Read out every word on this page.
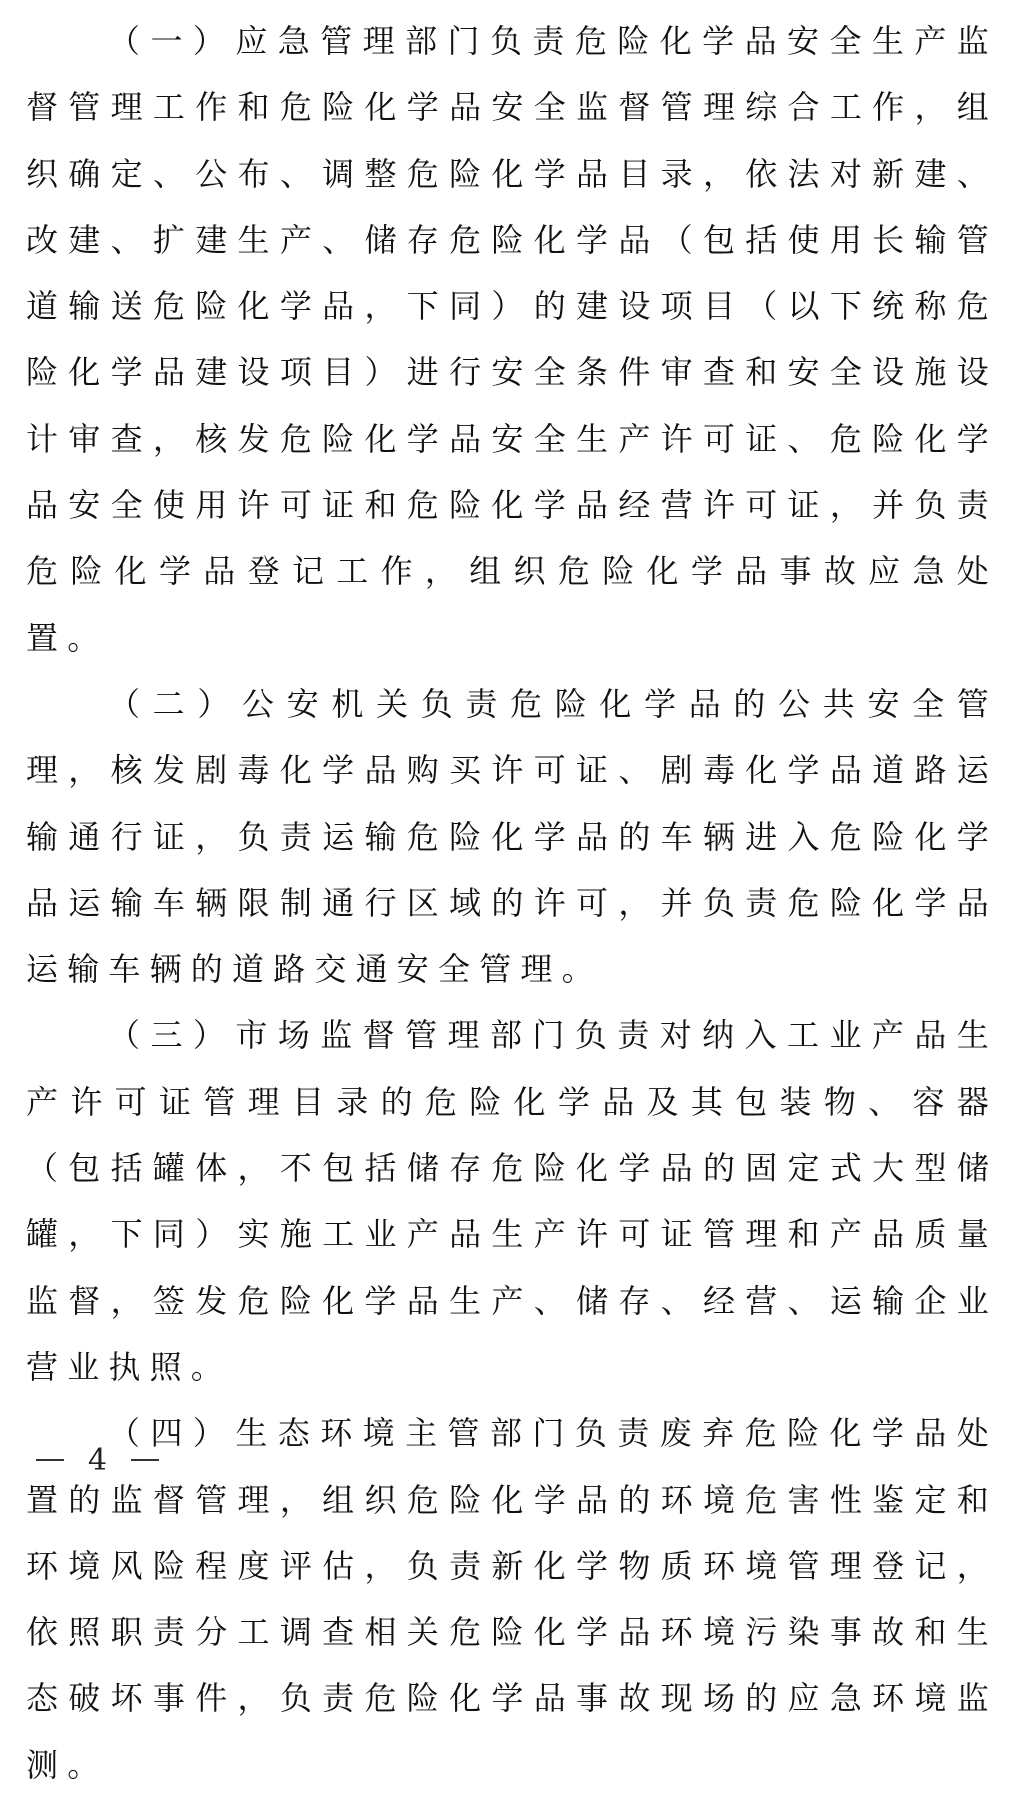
（一）应急管理部门负责危险化学品安全生产监督管理工作和危险化学品安全监督管理综合工作，组织确定、公布、调整危险化学品目录，依法对新建、改建、扩建生产、储存危险化学品（包括使用长输管道输送危险化学品，下同）的建设项目（以下统称危险化学品建设项目）进行安全条件审查和安全设施设计审查，核发危险化学品安全生产许可证、危险化学品安全使用许可证和危险化学品经营许可证，并负责危险化学品登记工作，组织危险化学品事故应急处置。

（二）公安机关负责危险化学品的公共安全管理，核发剧毒化学品购买许可证、剧毒化学品道路运输通行证，负责运输危险化学品的车辆进入危险化学品运输车辆限制通行区域的许可，并负责危险化学品运输车辆的道路交通安全管理。

（三）市场监督管理部门负责对纳入工业产品生产许可证管理目录的危险化学品及其包装物、容器（包括罐体，不包括储存危险化学品的固定式大型储罐，下同）实施工业产品生产许可证管理和产品质量监督，签发危险化学品生产、储存、经营、运输企业营业执照。

（四）生态环境主管部门负责废弃危险化学品处置的监督管理，组织危险化学品的环境危害性鉴定和环境风险程度评估，负责新化学物质环境管理登记，依照职责分工调查相关危险化学品环境污染事故和生态破坏事件，负责危险化学品事故现场的应急环境监测。

4
